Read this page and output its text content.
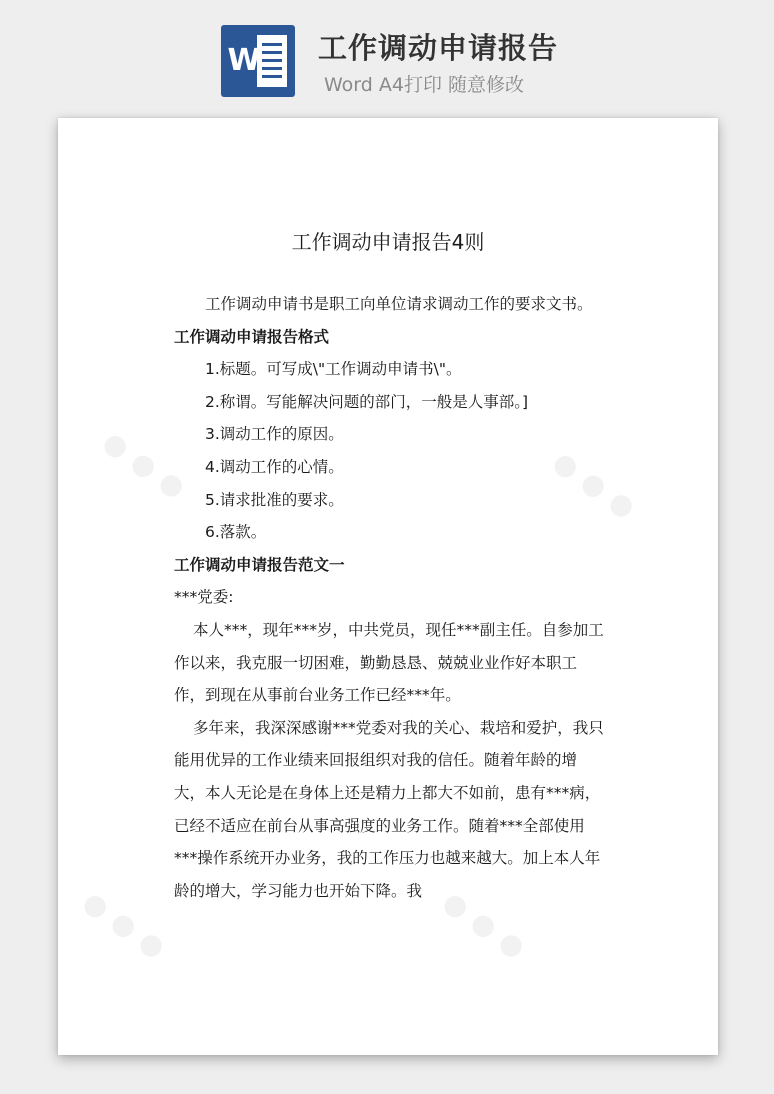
W 工作调动申请报告
Word A4打印 随意修改
● ● ●	● ● ●
● ● ●	● ● ●
工作调动申请报告4则
工作调动申请书是职工向单位请求调动工作的要求文书。
工作调动申请报告格式
1.标题。可写成\"工作调动申请书\"。
2.称谓。写能解决问题的部门，一般是人事部。]
3.调动工作的原因。
4.调动工作的心情。
5.请求批准的要求。
6.落款。
工作调动申请报告范文一
***党委:
本人***，现年***岁，中共党员，现任***副主任。自参加工作以来，我克服一切困难，勤勤恳恳、兢兢业业作好本职工作，到现在从事前台业务工作已经***年。
多年来，我深深感谢***党委对我的关心、栽培和爱护，我只能用优异的工作业绩来回报组织对我的信任。随着年龄的增大，本人无论是在身体上还是精力上都大不如前，患有***病，已经不适应在前台从事高强度的业务工作。随着***全部使用***操作系统开办业务，我的工作压力也越来越大。加上本人年龄的增大，学习能力也开始下降。我
